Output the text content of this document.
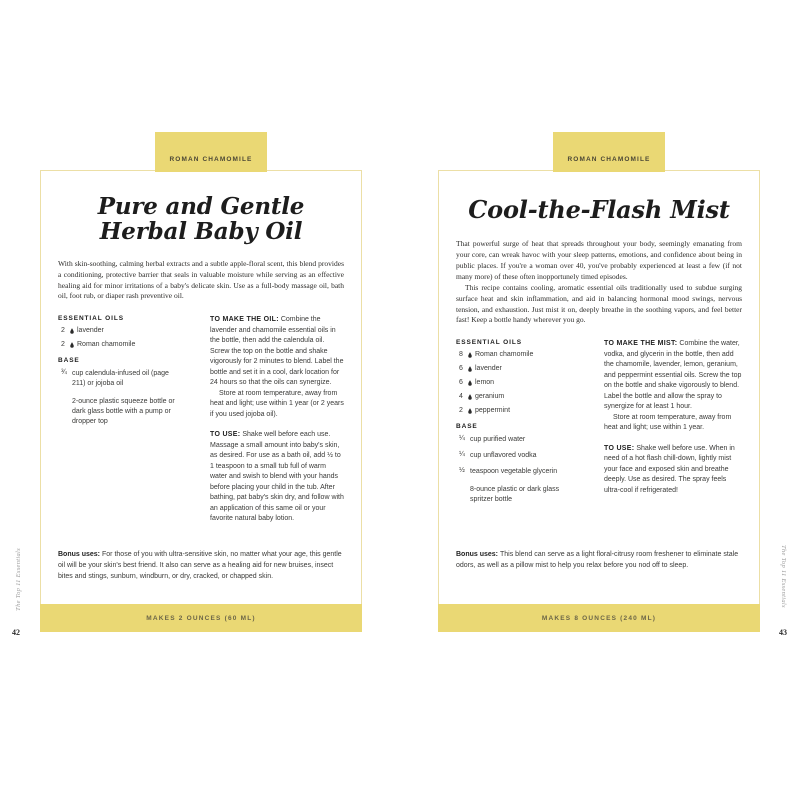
ROMAN CHAMOMILE
Pure and Gentle
Herbal Baby Oil

With skin-soothing, calming herbal extracts and a subtle apple-floral scent, this blend provides a conditioning, protective barrier that seals in valuable moisture while serving as an effective healing aid for minor irritations of a baby's delicate skin. Use as a full-body massage oil, bath oil, foot rub, or diaper rash preventive oil.

ESSENTIAL OILS
2	lavender
2	Roman chamomile
BASE
¾ cup calendula-infused oil (page 211) or jojoba oil
2-ounce plastic squeeze bottle or dark glass bottle with a pump or dropper top

TO MAKE THE OIL: Combine the lavender and chamomile essential oils in the bottle, then add the calendula oil. Screw the top on the bottle and shake vigorously for 2 minutes to blend. Label the bottle and set it in a cool, dark location for 24 hours so that the oils can synergize.

Store at room temperature, away from heat and light; use within 1 year (or 2 years if you used jojoba oil).

TO USE: Shake well before each use. Massage a small amount into baby's skin, as desired. For use as a bath oil, add ½ to 1 teaspoon to a small tub full of warm water and swish to blend with your hands before placing your child in the tub. After bathing, pat baby's skin dry, and follow with an application of this same oil or your favorite natural baby lotion.

Bonus uses: For those of you with ultra-sensitive skin, no matter what your age, this gentle oil will be your skin's best friend. It also can serve as a healing aid for new bruises, insect bites and stings, sunburn, windburn, or dry, cracked, or chapped skin.

MAKES 2 OUNCES (60 ML)
ROMAN CHAMOMILE
Cool-the-Flash Mist

That powerful surge of heat that spreads throughout your body, seemingly emanating from your core, can wreak havoc with your sleep patterns, emotions, and confidence about being in public places. If you're a woman over 40, you've probably experienced at least a few (if not many more) of these often inopportunely timed episodes.

This recipe contains cooling, aromatic essential oils traditionally used to subdue surging surface heat and skin inflammation, and aid in balancing hormonal mood swings, nervous tension, and exhaustion. Just mist it on, deeply breathe in the soothing vapors, and feel better fast! Keep a bottle handy wherever you go.

ESSENTIAL OILS
8	Roman chamomile
6	lavender
6	lemon
4	geranium
2	peppermint
BASE
¼ cup purified water
¼ cup unflavored vodka
½ teaspoon vegetable glycerin
8-ounce plastic or dark glass spritzer bottle

TO MAKE THE MIST: Combine the water, vodka, and glycerin in the bottle, then add the chamomile, lavender, lemon, geranium, and peppermint essential oils. Screw the top on the bottle and shake vigorously to blend. Label the bottle and allow the spray to synergize for at least 1 hour.

Store at room temperature, away from heat and light; use within 1 year.

TO USE: Shake well before use. When in need of a hot flash chill-down, lightly mist your face and exposed skin and breathe deeply. Use as desired. The spray feels ultra-cool if refrigerated!

Bonus uses: This blend can serve as a light floral-citrusy room freshener to eliminate stale odors, as well as a pillow mist to help you relax before you nod off to sleep.

MAKES 8 OUNCES (240 ML)
The Top 11 Essentials	The Top 11 Essentials
42	43
